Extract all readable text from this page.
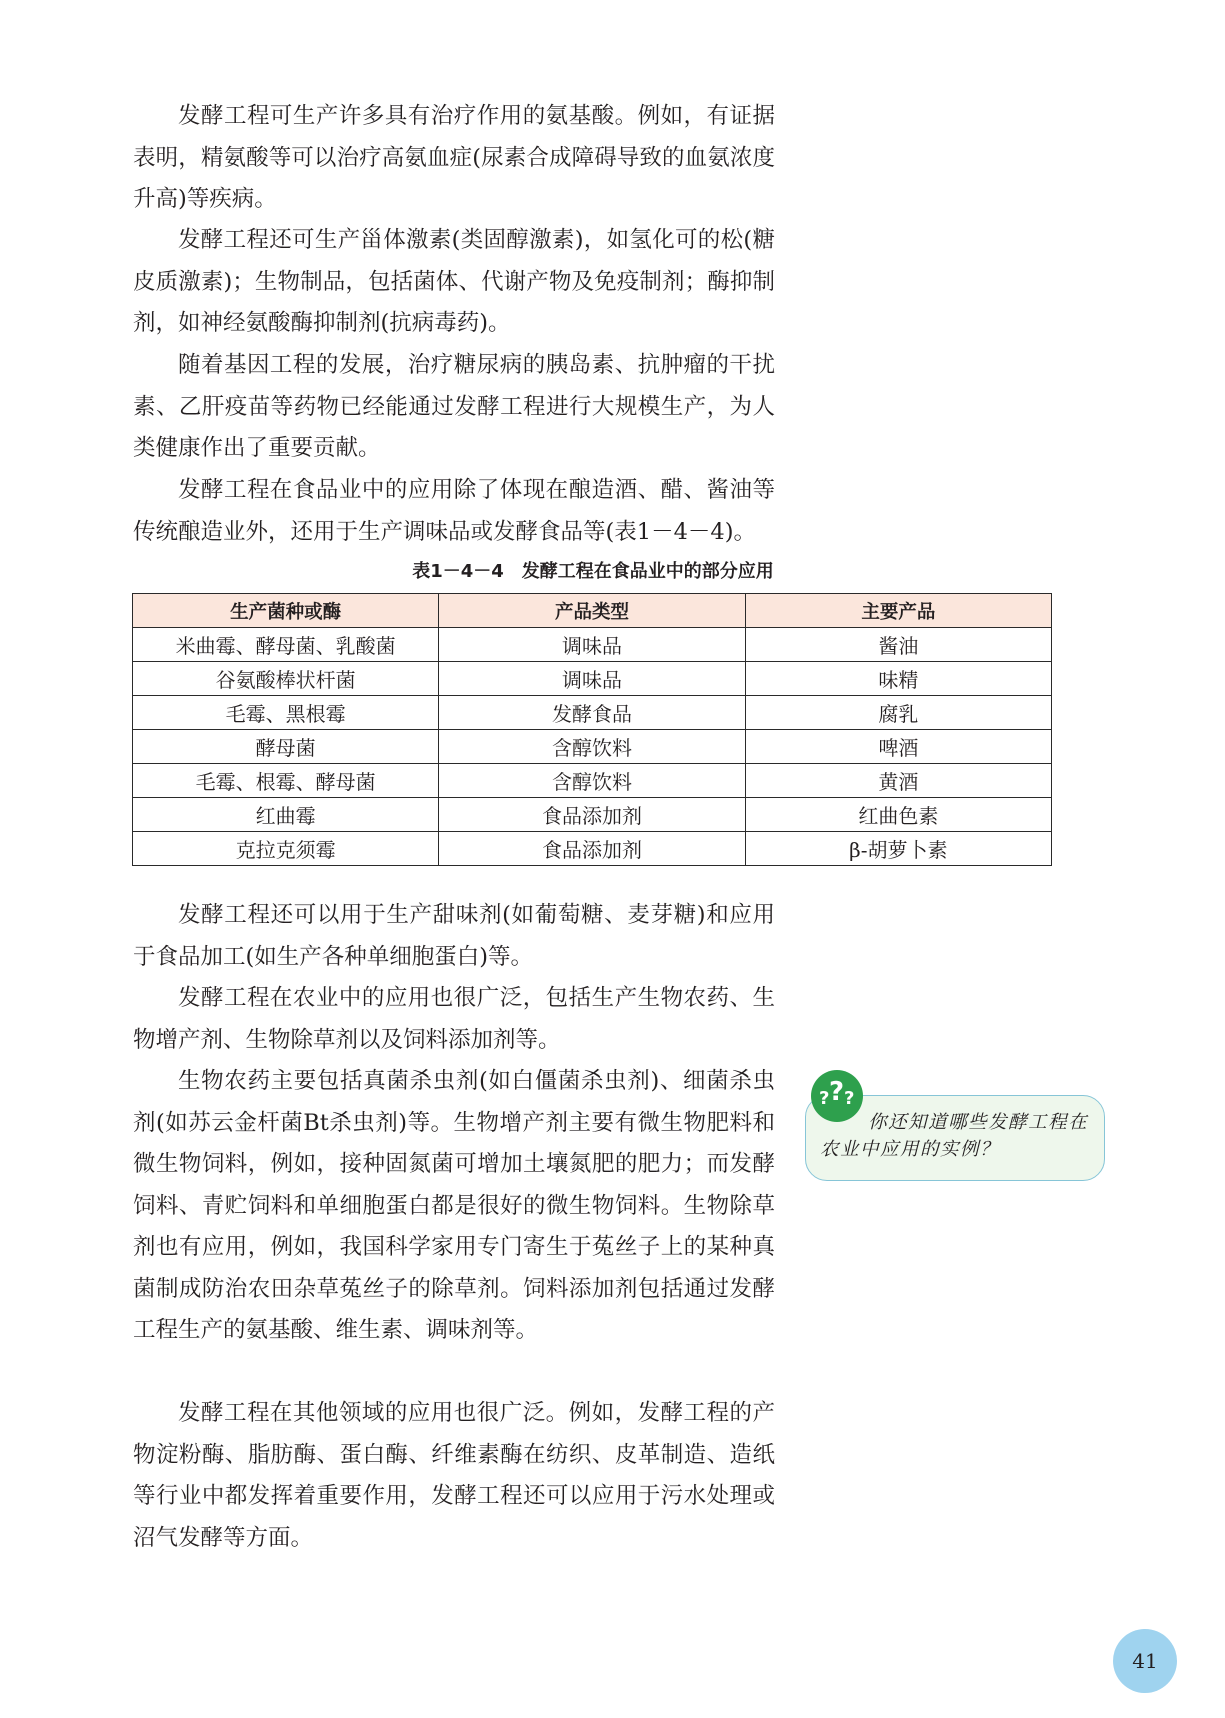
发酵工程可生产许多具有治疗作用的氨基酸。例如，有证据表明，精氨酸等可以治疗高氨血症(尿素合成障碍导致的血氨浓度升高)等疾病。

发酵工程还可生产甾体激素(类固醇激素)，如氢化可的松(糖皮质激素)；生物制品，包括菌体、代谢产物及免疫制剂；酶抑制剂，如神经氨酸酶抑制剂(抗病毒药)。

随着基因工程的发展，治疗糖尿病的胰岛素、抗肿瘤的干扰素、乙肝疫苗等药物已经能通过发酵工程进行大规模生产，为人类健康作出了重要贡献。

发酵工程在食品业中的应用除了体现在酿造酒、醋、酱油等传统酿造业外，还用于生产调味品或发酵食品等(表1－4－4)。

表1－4－4　发酵工程在食品业中的部分应用

生产菌种或酶	产品类型	主要产品
米曲霉、酵母菌、乳酸菌	调味品	酱油
谷氨酸棒状杆菌	调味品	味精
毛霉、黑根霉	发酵食品	腐乳
酵母菌	含醇饮料	啤酒
毛霉、根霉、酵母菌	含醇饮料	黄酒
红曲霉	食品添加剂	红曲色素
克拉克须霉	食品添加剂	β-胡萝卜素

发酵工程还可以用于生产甜味剂(如葡萄糖、麦芽糖)和应用于食品加工(如生产各种单细胞蛋白)等。

发酵工程在农业中的应用也很广泛，包括生产生物农药、生物增产剂、生物除草剂以及饲料添加剂等。

生物农药主要包括真菌杀虫剂(如白僵菌杀虫剂)、细菌杀虫剂(如苏云金杆菌Bt杀虫剂)等。生物增产剂主要有微生物肥料和微生物饲料，例如，接种固氮菌可增加土壤氮肥的肥力；而发酵饲料、青贮饲料和单细胞蛋白都是很好的微生物饲料。生物除草剂也有应用，例如，我国科学家用专门寄生于菟丝子上的某种真菌制成防治农田杂草菟丝子的除草剂。饲料添加剂包括通过发酵工程生产的氨基酸、维生素、调味剂等。

发酵工程在其他领域的应用也很广泛。例如，发酵工程的产物淀粉酶、脂肪酶、蛋白酶、纤维素酶在纺织、皮革制造、造纸等行业中都发挥着重要作用，发酵工程还可以应用于污水处理或沼气发酵等方面。

你还知道哪些发酵工程在农业中应用的实例？

? ? ?
41
